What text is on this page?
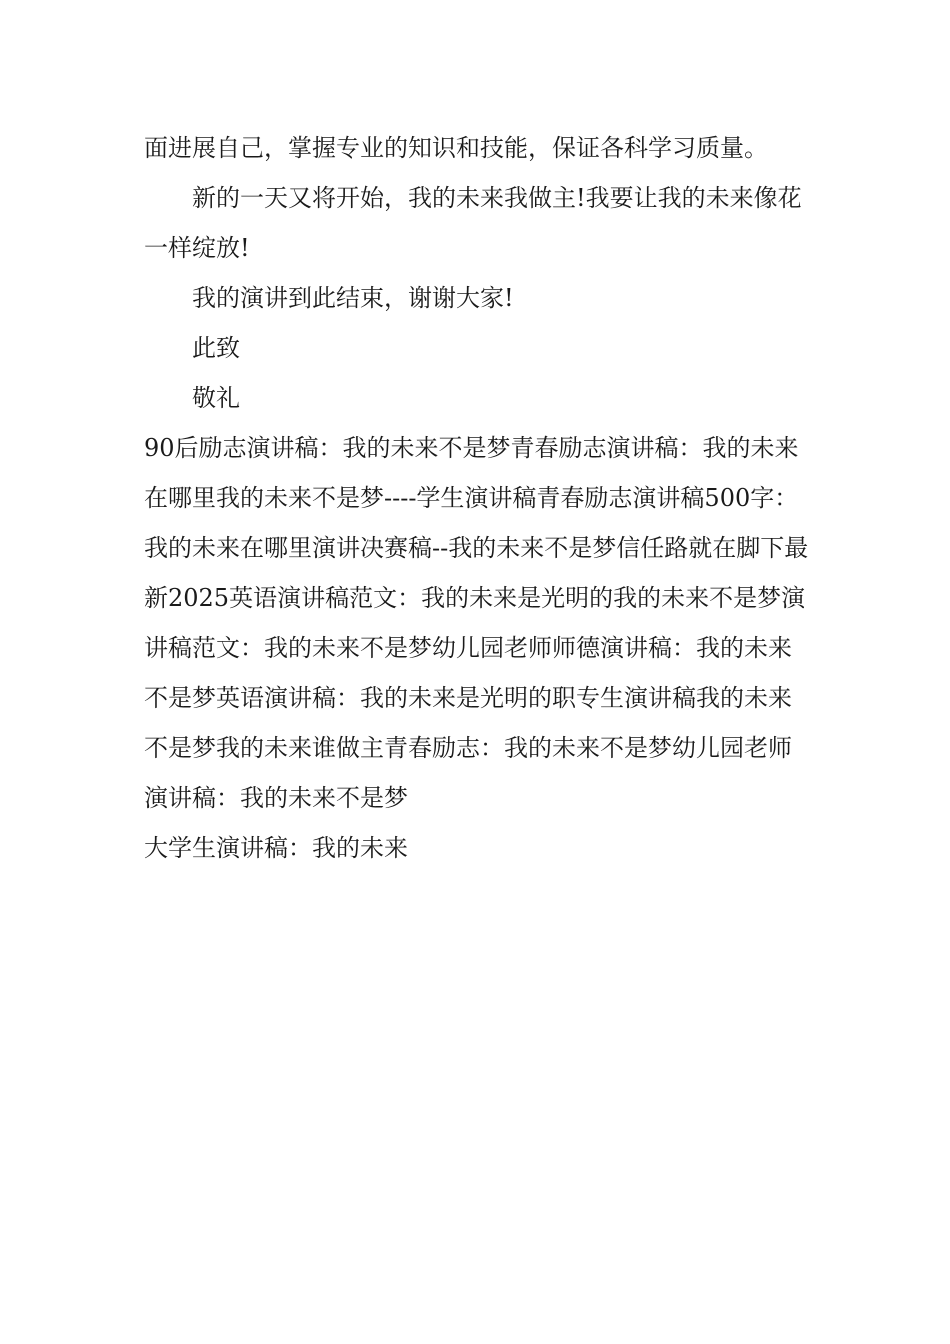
面进展自己，掌握专业的知识和技能，保证各科学习质量。

新的一天又将开始，我的未来我做主!我要让我的未来像花一样绽放!

我的演讲到此结束，谢谢大家!

此致

敬礼

90后励志演讲稿：我的未来不是梦青春励志演讲稿：我的未来在哪里我的未来不是梦----学生演讲稿青春励志演讲稿500字：我的未来在哪里演讲决赛稿--我的未来不是梦信任路就在脚下最新2025英语演讲稿范文：我的未来是光明的我的未来不是梦演讲稿范文：我的未来不是梦幼儿园老师师德演讲稿：我的未来不是梦英语演讲稿：我的未来是光明的职专生演讲稿我的未来不是梦我的未来谁做主青春励志：我的未来不是梦幼儿园老师演讲稿：我的未来不是梦

大学生演讲稿：我的未来
